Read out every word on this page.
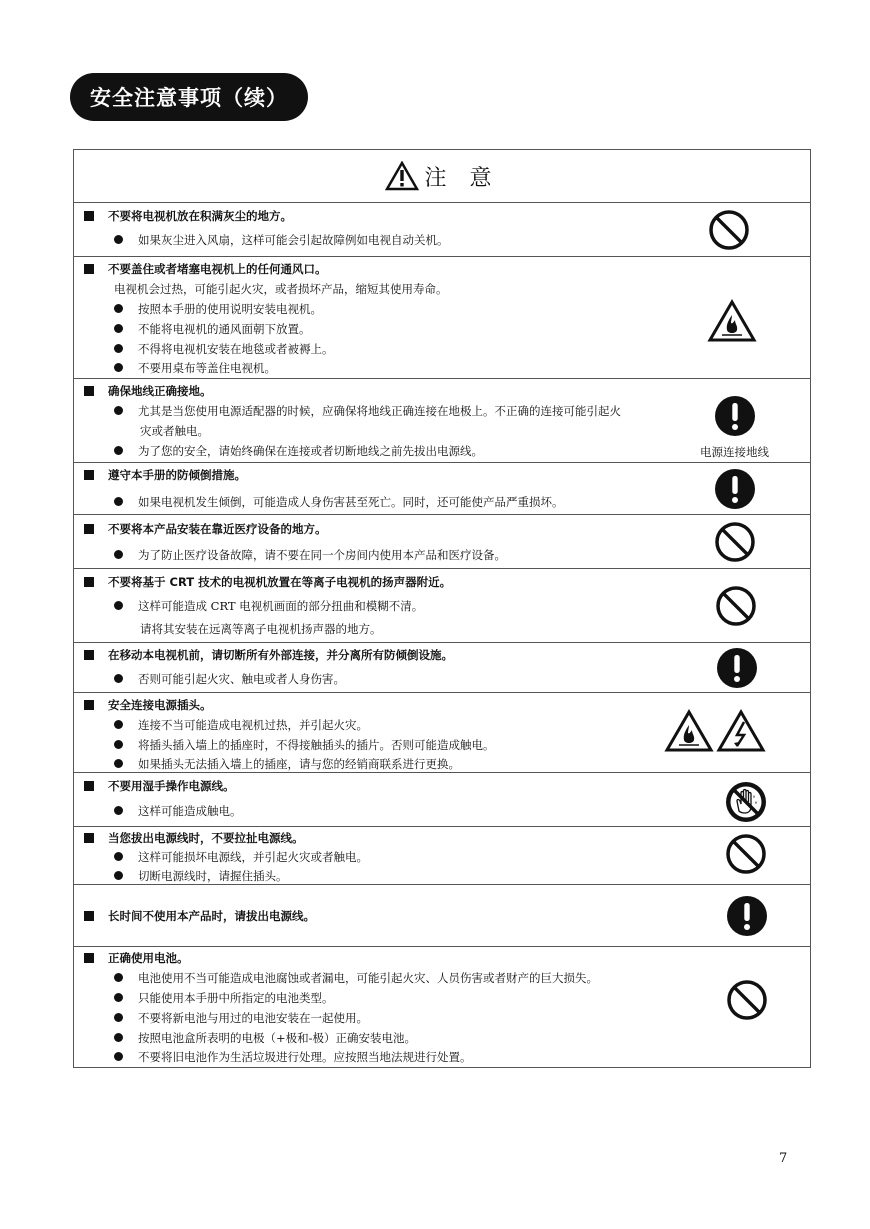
安全注意事项（续）
注 意
不要将电视机放在积满灰尘的地方。
如果灰尘进入风扇，这样可能会引起故障例如电视自动关机。
不要盖住或者堵塞电视机上的任何通风口。
电视机会过热，可能引起火灾，或者损坏产品，缩短其使用寿命。
按照本手册的使用说明安装电视机。
不能将电视机的通风面朝下放置。
不得将电视机安装在地毯或者被褥上。
不要用桌布等盖住电视机。
确保地线正确接地。
尤其是当您使用电源适配器的时候，应确保将地线正确连接在地极上。不正确的连接可能引起火
灾或者触电。
为了您的安全，请始终确保在连接或者切断地线之前先拔出电源线。	电源连接地线
遵守本手册的防倾倒措施。
如果电视机发生倾倒，可能造成人身伤害甚至死亡。同时，还可能使产品严重损坏。
不要将本产品安装在靠近医疗设备的地方。
为了防止医疗设备故障，请不要在同一个房间内使用本产品和医疗设备。
不要将基于 CRT 技术的电视机放置在等离子电视机的扬声器附近。
这样可能造成 CRT 电视机画面的部分扭曲和模糊不清。
请将其安装在远离等离子电视机扬声器的地方。
在移动本电视机前，请切断所有外部连接，并分离所有防倾倒设施。
否则可能引起火灾、触电或者人身伤害。
安全连接电源插头。
连接不当可能造成电视机过热，并引起火灾。
将插头插入墙上的插座时，不得接触插头的插片。否则可能造成触电。
如果插头无法插入墙上的插座，请与您的经销商联系进行更换。
不要用湿手操作电源线。
这样可能造成触电。
当您拔出电源线时，不要拉扯电源线。
这样可能损坏电源线，并引起火灾或者触电。
切断电源线时，请握住插头。
长时间不使用本产品时，请拔出电源线。
正确使用电池。
电池使用不当可能造成电池腐蚀或者漏电，可能引起火灾、人员伤害或者财产的巨大损失。
只能使用本手册中所指定的电池类型。
不要将新电池与用过的电池安装在一起使用。
按照电池盒所表明的电极（+极和-极）正确安装电池。
不要将旧电池作为生活垃圾进行处理。应按照当地法规进行处置。
7
